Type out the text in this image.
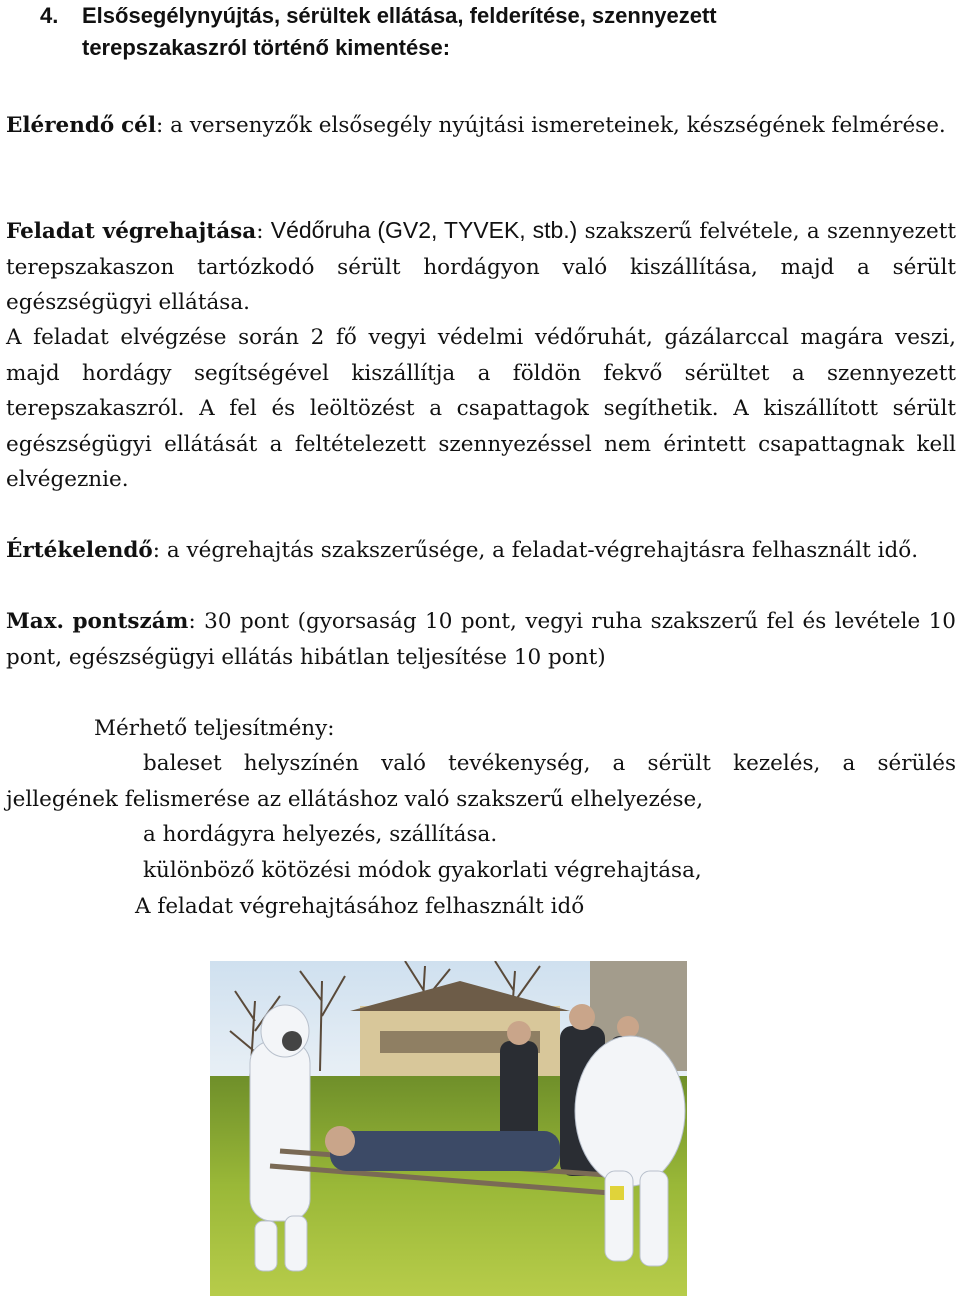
4. Elsősegélynyújtás, sérültek ellátása, felderítése, szennyezett
terepszakaszról történő kimentése:
Elérendő cél: a versenyzők elsősegély nyújtási ismereteinek, készségének felmérése.
Feladat végrehajtása: Védőruha (GV2, TYVEK, stb.) szakszerű felvétele, a szennyezett terepszakaszon tartózkodó sérült hordágyon való kiszállítása, majd a sérült egészségügyi ellátása.
A feladat elvégzése során 2 fő vegyi védelmi védőruhát, gázálarccal magára veszi, majd hordágy segítségével kiszállítja a földön fekvő sérültet a szennyezett terepszakaszról. A fel és leöltözést a csapattagok segíthetik. A kiszállított sérült egészségügyi ellátását a feltételezett szennyezéssel nem érintett csapattagnak kell elvégeznie.
Értékelendő: a végrehajtás szakszerűsége, a feladat-végrehajtásra felhasznált idő.
Max. pontszám: 30 pont (gyorsaság 10 pont, vegyi ruha szakszerű fel és levétele 10 pont, egészségügyi ellátás hibátlan teljesítése 10 pont)
Mérhető teljesítmény:
baleset helyszínén való tevékenység, a sérült kezelés, a sérülés
jellegének felismerése az ellátáshoz való szakszerű elhelyezése,
a hordágyra helyezés, szállítása.
különböző kötözési módok gyakorlati végrehajtása,
A feladat végrehajtásához felhasznált idő
